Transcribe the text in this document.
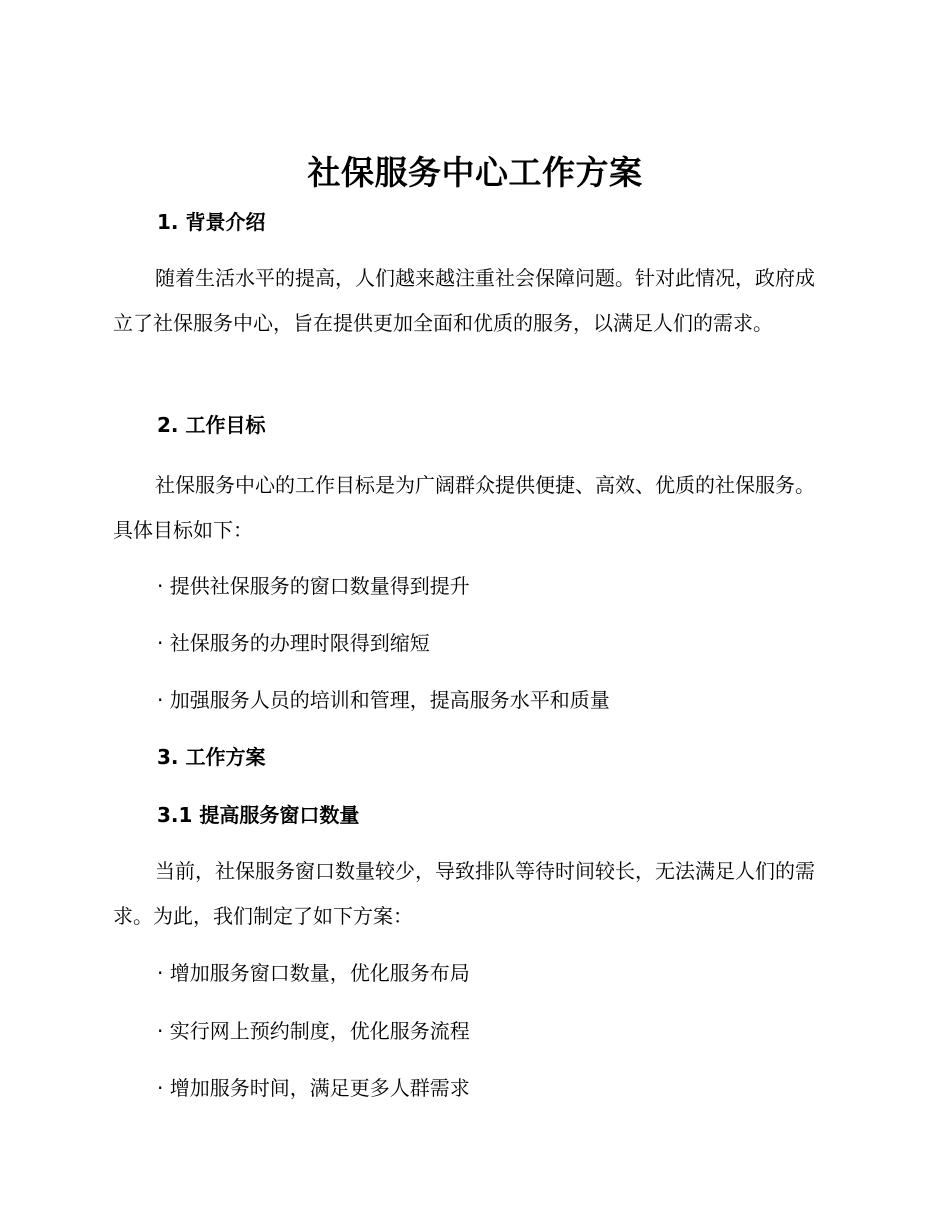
社保服务中心工作方案
1. 背景介绍
随着生活水平的提高，人们越来越注重社会保障问题。针对此情况，政府成立了社保服务中心，旨在提供更加全面和优质的服务，以满足人们的需求。
2. 工作目标
社保服务中心的工作目标是为广阔群众提供便捷、高效、优质的社保服务。具体目标如下：
· 提供社保服务的窗口数量得到提升
· 社保服务的办理时限得到缩短
· 加强服务人员的培训和管理，提高服务水平和质量
3. 工作方案
3.1 提高服务窗口数量
当前，社保服务窗口数量较少，导致排队等待时间较长，无法满足人们的需求。为此，我们制定了如下方案：
· 增加服务窗口数量，优化服务布局
· 实行网上预约制度，优化服务流程
· 增加服务时间，满足更多人群需求
